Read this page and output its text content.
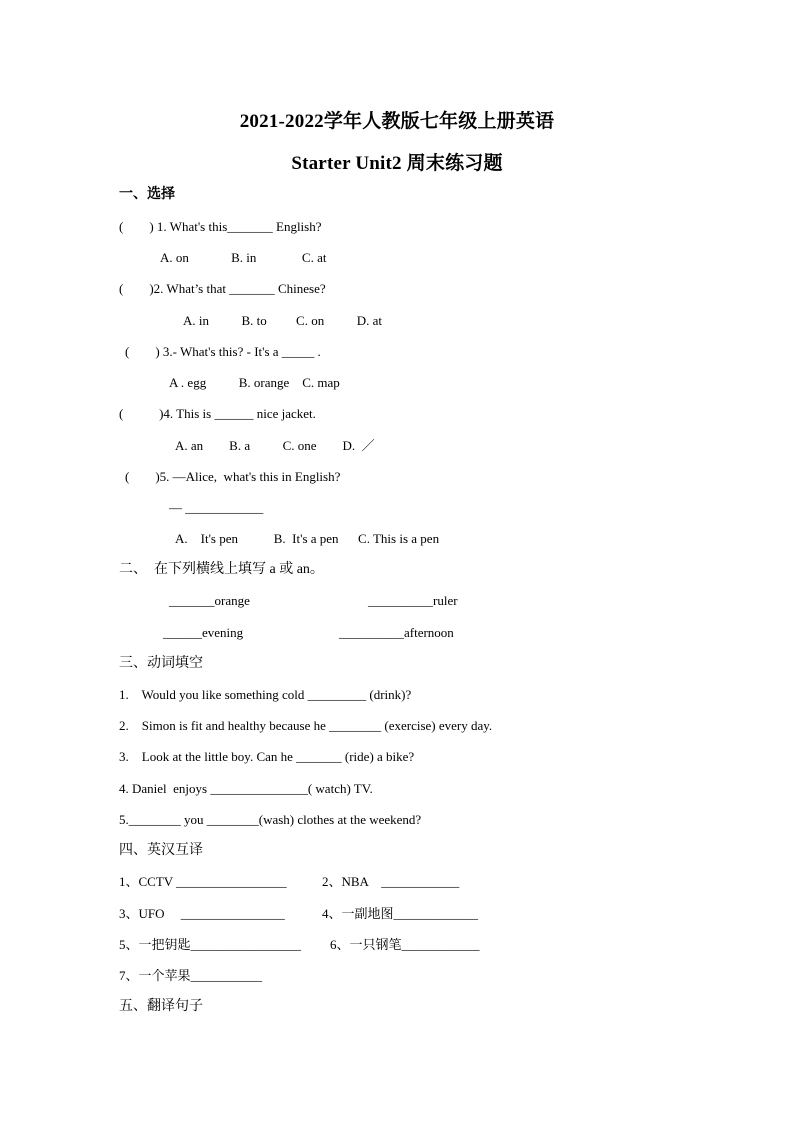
2021-2022学年人教版七年级上册英语
Starter Unit2 周末练习题
一、选择
(        ) 1. What's this_______ English?
A. on             B. in              C. at
(        )2. What’s that _______ Chinese?
A. in          B. to         C. on          D. at
(        ) 3.- What's this? - It's a _____ .
A . egg          B. orange    C. map
(           )4. This is ______ nice jacket.
A. an        B. a          C. one        D.  ／
(        )5. —Alice,  what's this in English?
— ____________
A.    It's pen           B.  It's a pen      C. This is a pen
二、  在下列横线上填写 a 或 an。
_______orange	__________ruler
______evening	__________afternoon
三、动词填空
1.    Would you like something cold _________ (drink)?
2.    Simon is fit and healthy because he ________ (exercise) every day.
3.    Look at the little boy. Can he _______ (ride) a bike?
4. Daniel  enjoys _______________( watch) TV.
5.________ you ________(wash) clothes at the weekend?
四、英汉互译
1、CCTV _________________	2、NBA    ____________
3、UFO     ________________	4、一副地图_____________
5、一把钥匙_________________ 6、一只钢笔____________
7、一个苹果___________
五、翻译句子
